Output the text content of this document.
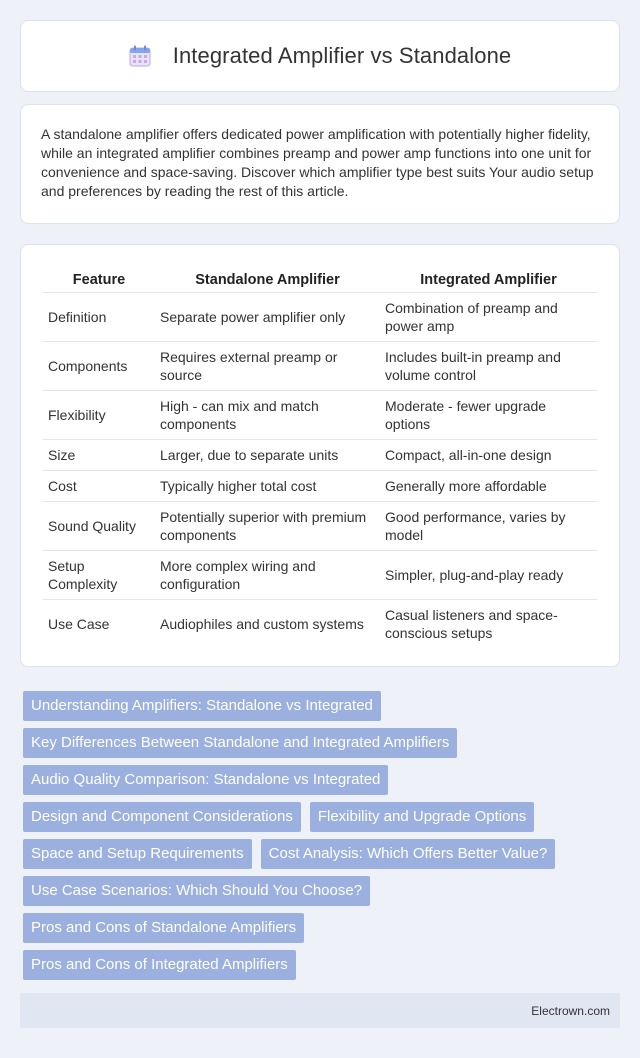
Integrated Amplifier vs Standalone

A standalone amplifier offers dedicated power amplification with potentially higher fidelity, while an integrated amplifier combines preamp and power amp functions into one unit for convenience and space-saving. Discover which amplifier type best suits Your audio setup and preferences by reading the rest of this article.

Feature	Standalone Amplifier	Integrated Amplifier
Definition	Separate power amplifier only	Combination of preamp and power amp
Components	Requires external preamp or source	Includes built-in preamp and volume control
Flexibility	High - can mix and match components	Moderate - fewer upgrade options
Size	Larger, due to separate units	Compact, all-in-one design
Cost	Typically higher total cost	Generally more affordable
Sound Quality	Potentially superior with premium components	Good performance, varies by model
Setup Complexity	More complex wiring and configuration	Simpler, plug-and-play ready
Use Case	Audiophiles and custom systems	Casual listeners and space-conscious setups
Understanding Amplifiers: Standalone vs Integrated
Key Differences Between Standalone and Integrated Amplifiers
Audio Quality Comparison: Standalone vs Integrated
Design and Component Considerations	Flexibility and Upgrade Options
Space and Setup Requirements	Cost Analysis: Which Offers Better Value?
Use Case Scenarios: Which Should You Choose?
Pros and Cons of Standalone Amplifiers
Pros and Cons of Integrated Amplifiers
Electrown.com
